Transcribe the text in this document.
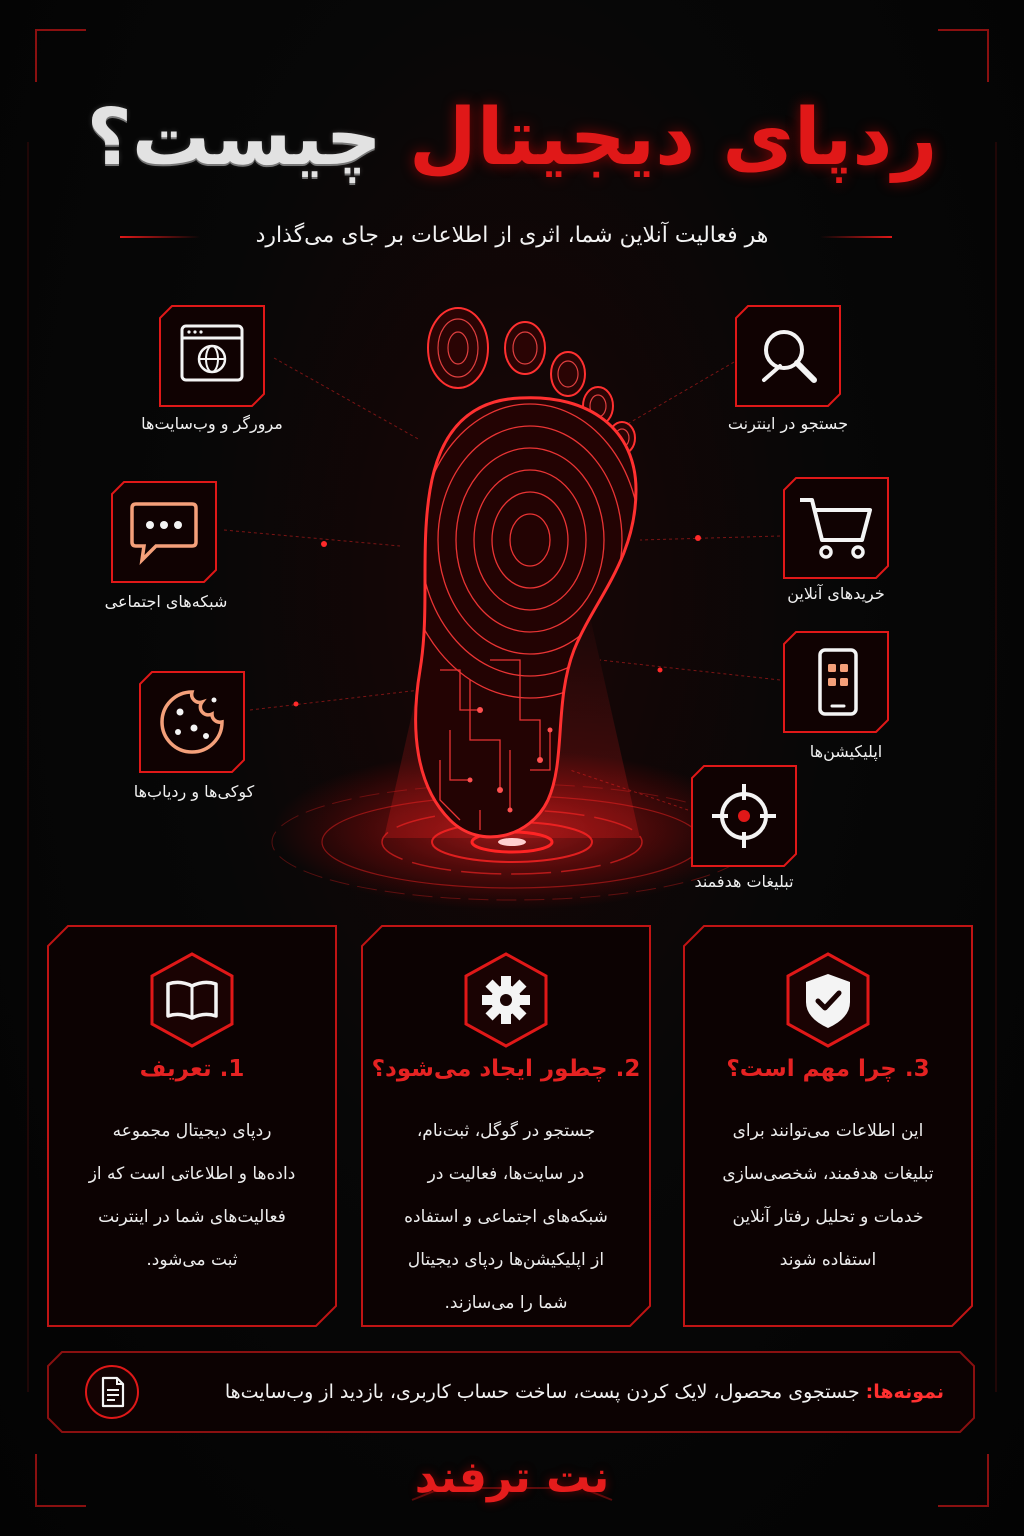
ردپای دیجیتال چیست؟
هر فعالیت آنلاین شما، اثری از اطلاعات بر جای می‌گذارد
مرورگر و وب‌سایت‌ها	جستجو در اینترنت
شبکه‌های اجتماعی	خریدهای آنلاین
کوکی‌ها و ردیاب‌ها
اپلیکیشن‌ها
تبلیغات هدفمند
1. تعریف
ردپای دیجیتال مجموعه
داده‌ها و اطلاعاتی است که از
فعالیت‌های شما در اینترنت
ثبت می‌شود.
2. چطور ایجاد می‌شود؟
جستجو در گوگل، ثبت‌نام،
در سایت‌ها، فعالیت در
شبکه‌های اجتماعی و استفاده
از اپلیکیشن‌ها ردپای دیجیتال
شما را می‌سازند.
3. چرا مهم است؟
این اطلاعات می‌توانند برای
تبلیغات هدفمند، شخصی‌سازی
خدمات و تحلیل رفتار آنلاین
استفاده شوند
نمونه‌ها: جستجوی محصول، لایک کردن پست، ساخت حساب کاربری، بازدید از وب‌سایت‌ها
نت ترفند
